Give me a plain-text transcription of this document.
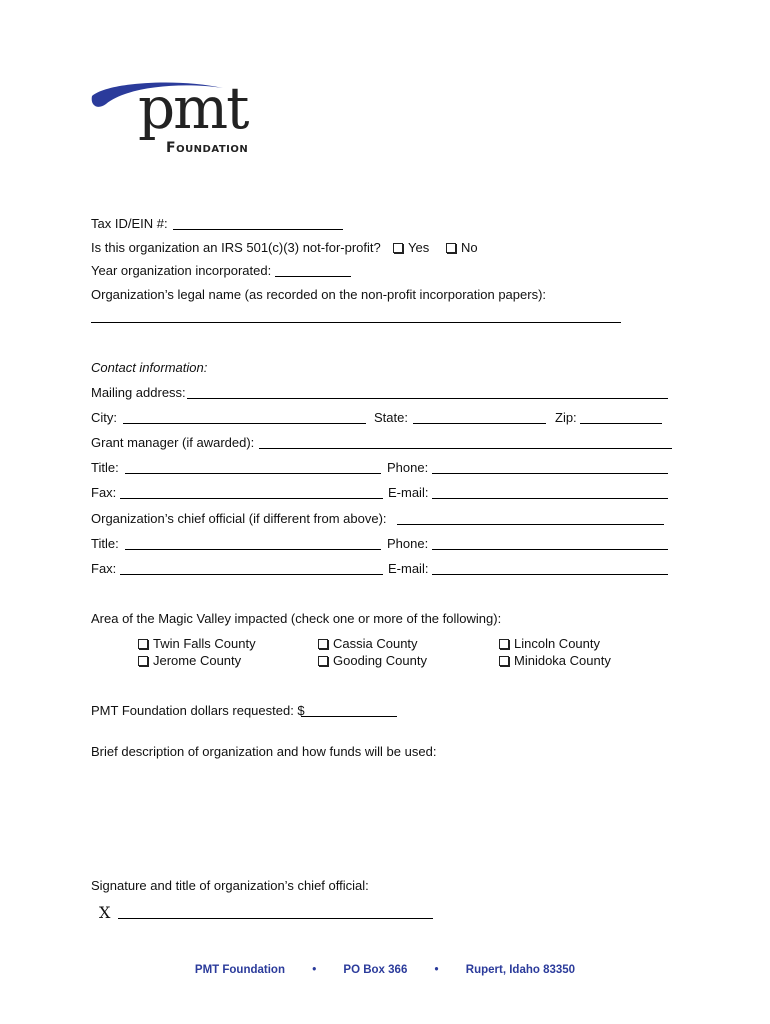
pmt
Foundation
Tax ID/EIN #:
Is this organization an IRS 501(c)(3) not-for-profit? Yes No
Year organization incorporated:
Organization’s legal name (as recorded on the non-profit incorporation papers):
Contact information:
Mailing address:
City:	State:	Zip:
Grant manager (if awarded):
Title:	Phone:
Fax:	E-mail:
Organization’s chief official (if different from above):
Title:	Phone:
Fax:	E-mail:
Area of the Magic Valley impacted (check one or more of the following):
Twin Falls County	Cassia County	Lincoln County
Jerome County	Gooding County	Minidoka County
PMT Foundation dollars requested: $
Brief description of organization and how funds will be used:
Signature and title of organization’s chief official:
X
PMT Foundation • PO Box 366 • Rupert, Idaho 83350
